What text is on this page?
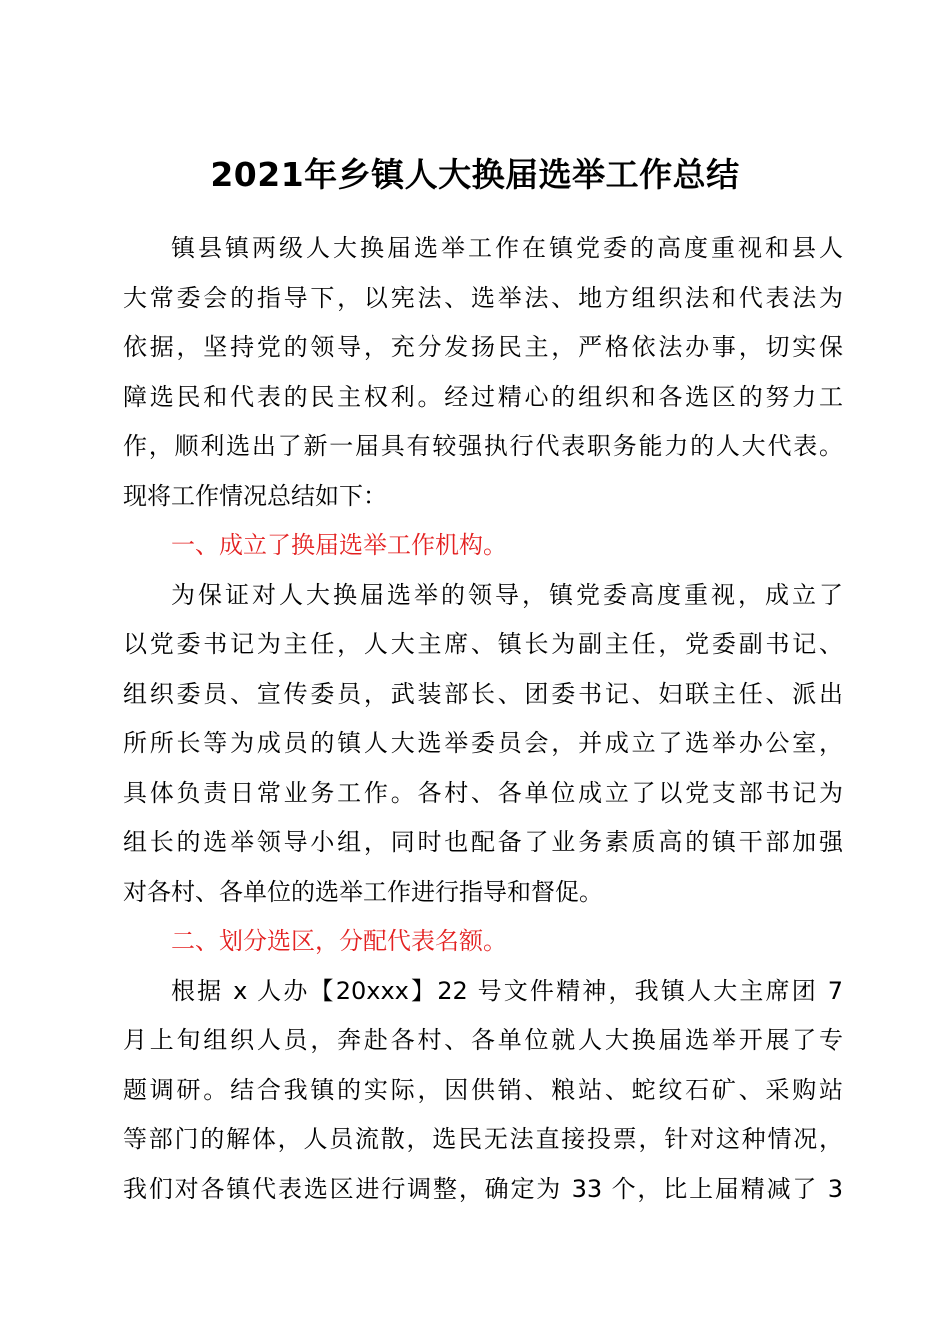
2021年乡镇人大换届选举工作总结
镇县镇两级人大换届选举工作在镇党委的高度重视和县人
大常委会的指导下，以宪法、选举法、地方组织法和代表法为
依据，坚持党的领导，充分发扬民主，严格依法办事，切实保
障选民和代表的民主权利。经过精心的组织和各选区的努力工
作，顺利选出了新一届具有较强执行代表职务能力的人大代表。
现将工作情况总结如下：
一、成立了换届选举工作机构。
为保证对人大换届选举的领导，镇党委高度重视，成立了
以党委书记为主任，人大主席、镇长为副主任，党委副书记、
组织委员、宣传委员，武装部长、团委书记、妇联主任、派出
所所长等为成员的镇人大选举委员会，并成立了选举办公室，
具体负责日常业务工作。各村、各单位成立了以党支部书记为
组长的选举领导小组，同时也配备了业务素质高的镇干部加强
对各村、各单位的选举工作进行指导和督促。
二、划分选区，分配代表名额。
根据 x 人办【20xxx】22 号文件精神，我镇人大主席团 7
月上旬组织人员，奔赴各村、各单位就人大换届选举开展了专
题调研。结合我镇的实际，因供销、粮站、蛇纹石矿、采购站
等部门的解体，人员流散，选民无法直接投票，针对这种情况，
我们对各镇代表选区进行调整，确定为 33 个，比上届精减了 3
